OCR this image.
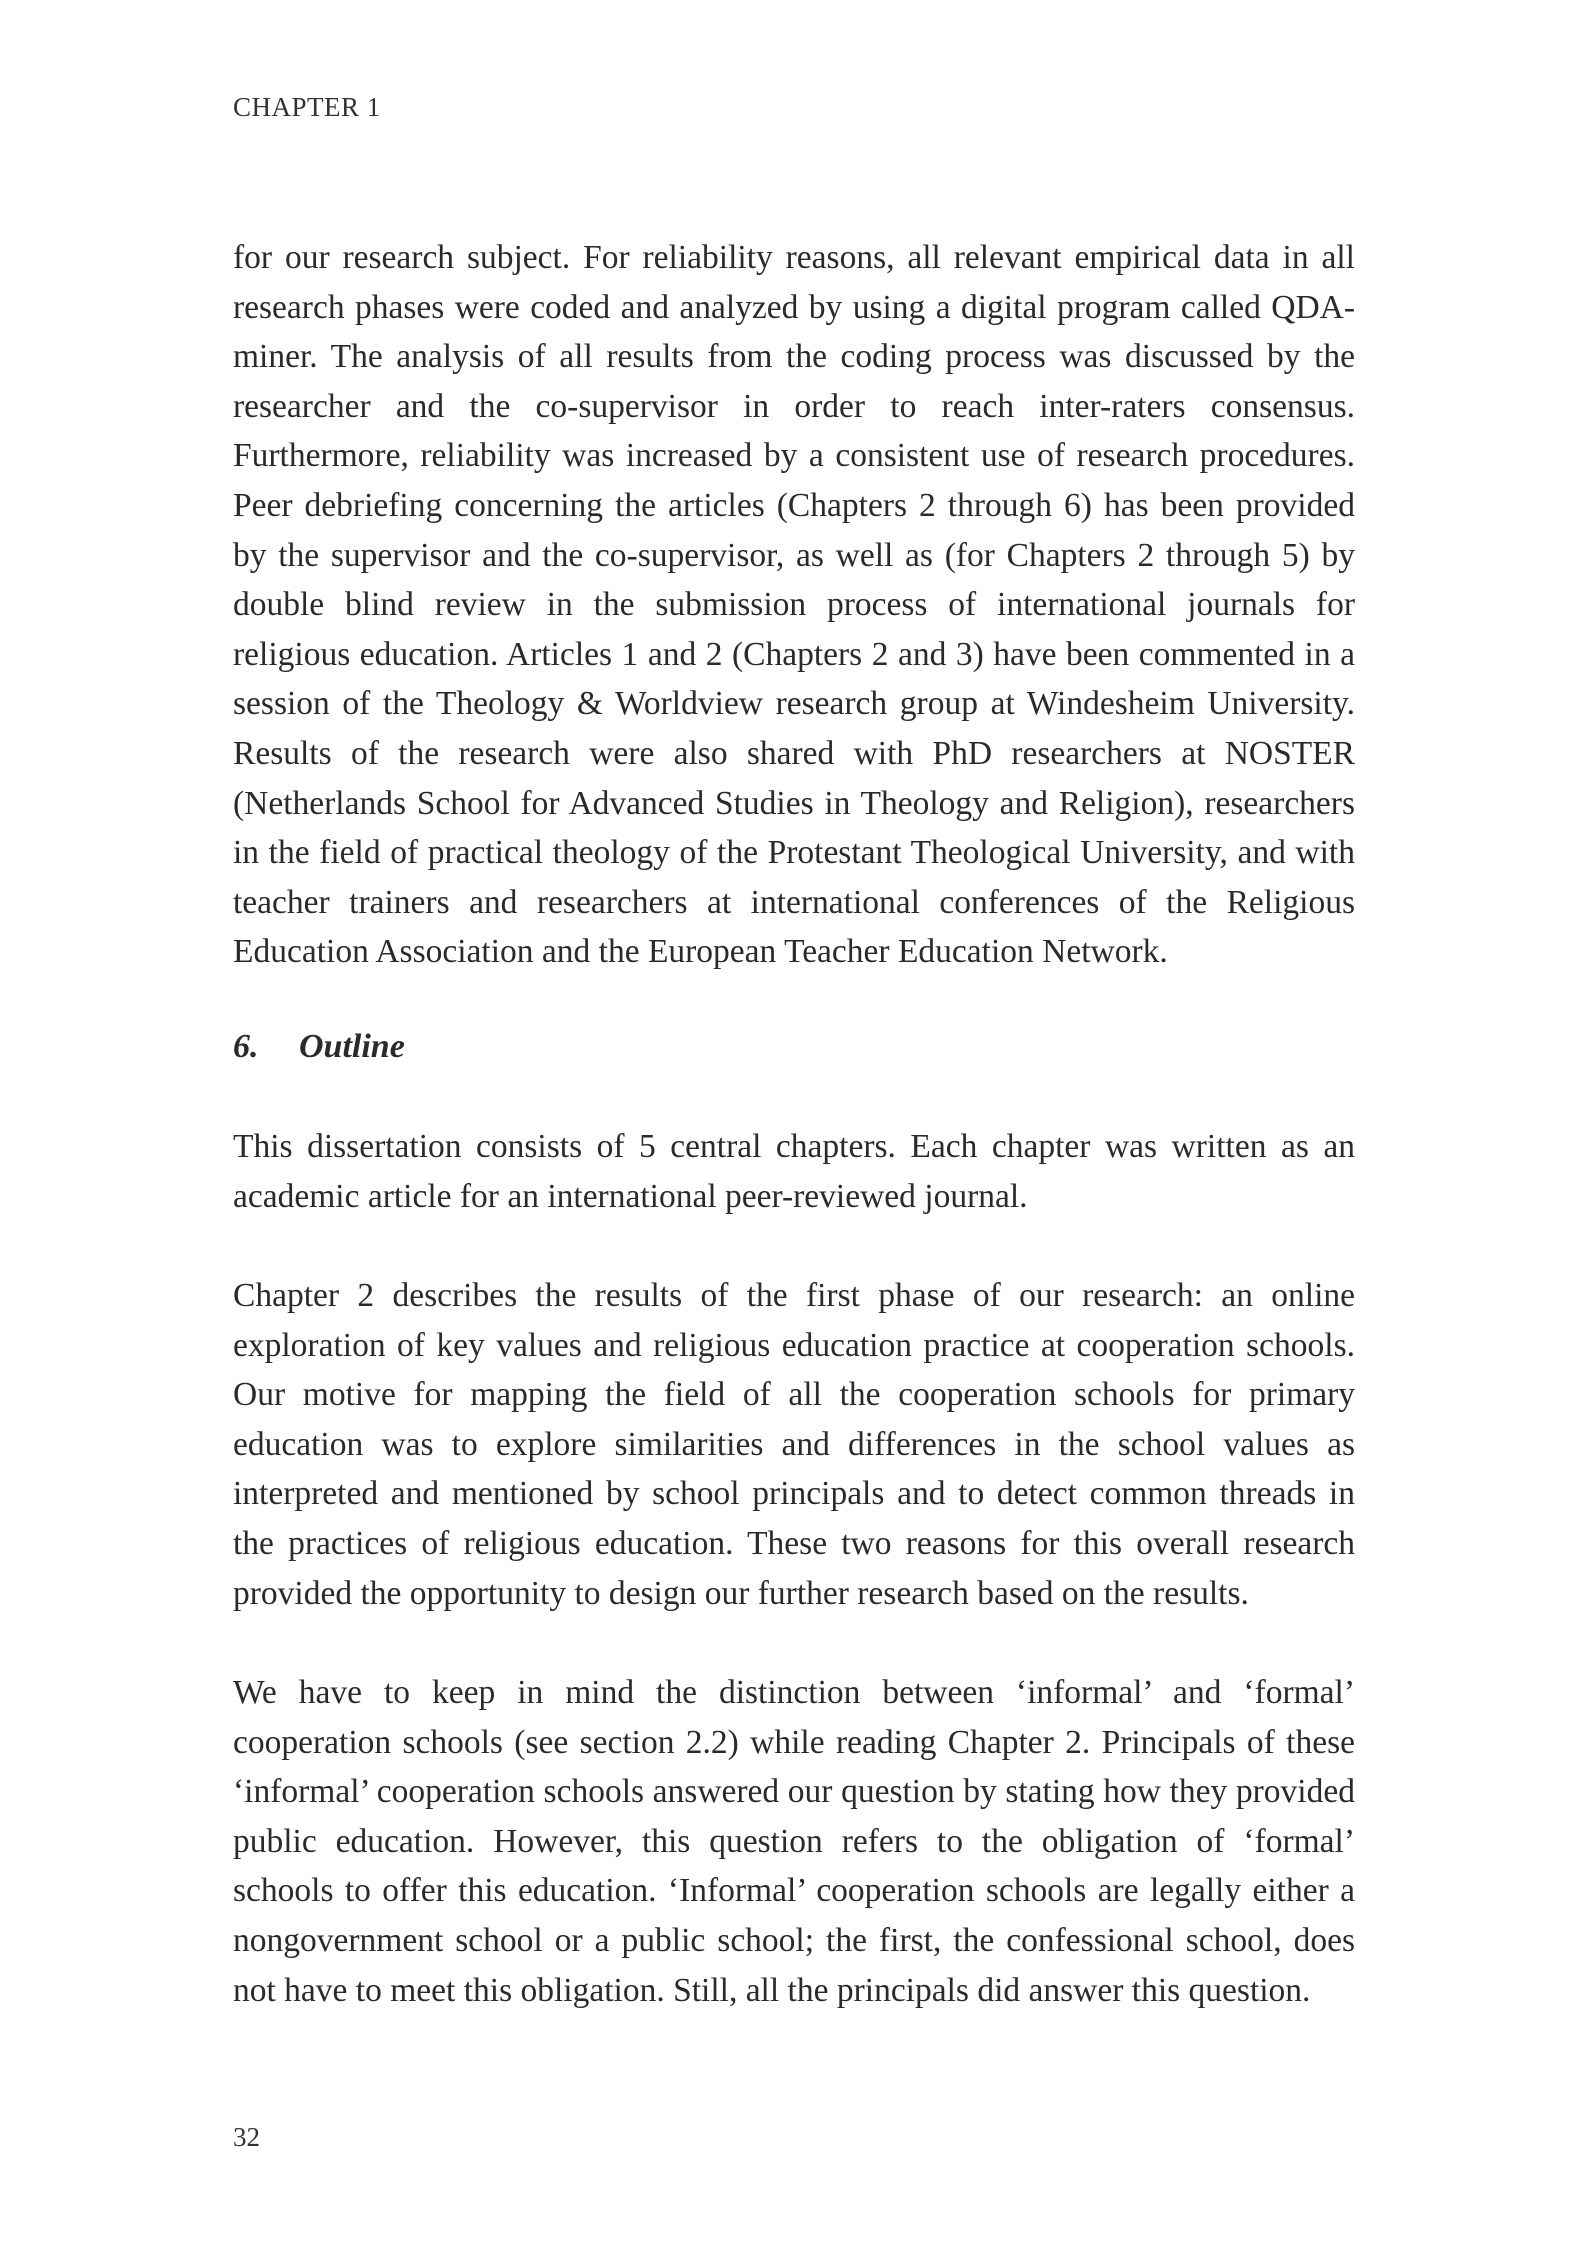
CHAPTER 1

for our research subject. For reliability reasons, all relevant empirical data in all research phases were coded and analyzed by using a digital program called QDA-miner. The analysis of all results from the coding process was discussed by the researcher and the co-supervisor in order to reach inter-raters consensus. Furthermore, reliability was increased by a consistent use of research procedures. Peer debriefing concerning the articles (Chapters 2 through 6) has been provided by the supervisor and the co-supervisor, as well as (for Chapters 2 through 5) by double blind review in the submission process of international journals for religious education. Articles 1 and 2 (Chapters 2 and 3) have been commented in a session of the Theology & Worldview research group at Windesheim University. Results of the research were also shared with PhD researchers at NOSTER (Netherlands School for Advanced Studies in Theology and Religion), researchers in the field of practical theology of the Protestant Theological University, and with teacher trainers and researchers at international conferences of the Religious Education Association and the European Teacher Education Network.

6. Outline

This dissertation consists of 5 central chapters. Each chapter was written as an academic article for an international peer-reviewed journal.

Chapter 2 describes the results of the first phase of our research: an online exploration of key values and religious education practice at cooperation schools. Our motive for mapping the field of all the cooperation schools for primary education was to explore similarities and differences in the school values as interpreted and mentioned by school principals and to detect common threads in the practices of religious education. These two reasons for this overall research provided the opportunity to design our further research based on the results.

We have to keep in mind the distinction between ‘informal’ and ‘formal’ cooperation schools (see section 2.2) while reading Chapter 2. Principals of these ‘informal’ cooperation schools answered our question by stating how they provided public education. However, this question refers to the obligation of ‘formal’ schools to offer this education. ‘Informal’ cooperation schools are legally either a nongovernment school or a public school; the first, the confessional school, does not have to meet this obligation. Still, all the principals did answer this question.

32
